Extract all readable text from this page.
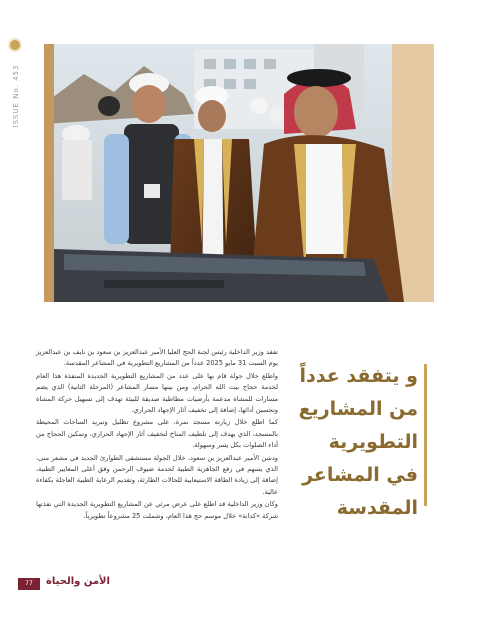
ISSUE No. 453
و يتفقد عدداً
من المشاريع
التطويرية
في المشاعر
المقدسة

تفقد وزير الداخلية رئيس لجنة الحج العليا الأمير عبدالعزيز بن سعود بن نايف بن عبدالعزيز يوم السبت 31 مايو 2025 عدداً من المشاريع التطويرية في المشاعر المقدسة.

واطلع خلال جولة قام بها على عدد من المشاريع التطويرية الجديدة المنفذة هذا العام لخدمة حجاج بيت الله الحرام، ومن بينها مسار المشاعر (المرحلة الثانية) الذي يضم مسارات للمشاة مدعمة بأرضيات مطاطية صديقة للبيئة تهدف إلى تسهيل حركة المشاة وتحسين أدائها، إضافة إلى تخفيف آثار الإجهاد الحراري.

كما اطلع خلال زيارته مسجد نمرة، على مشروع تظليل وتبريد الساحات المحيطة بالمسجد، الذي يهدف إلى تلطيف المناخ لتخفيف آثار الإجهاد الحراري، وتمكين الحجاج من أداء الصلوات بكل يسر وسهولة.

ودشن الأمير عبدالعزيز بن سعود، خلال الجولة مستشفى الطوارئ الجديد في مشعر منى، الذي يسهم في رفع الجاهزية الطبية لخدمة ضيوف الرحمن وفق أعلى المعايير الطبية، إضافة إلى زيادة الطاقة الاستيعابية للحالات الطارئة، وتقديم الرعاية الطبية العاجلة بكفاءة عالية.

وكان وزير الداخلية قد اطلع على عرض مرئي عن المشاريع التطويرية الجديدة التي نفذتها شركة «كدانة» خلال موسم حج هذا العام، وشملت 25 مشروعاً تطويرياً.

77	الأمن والحياة
